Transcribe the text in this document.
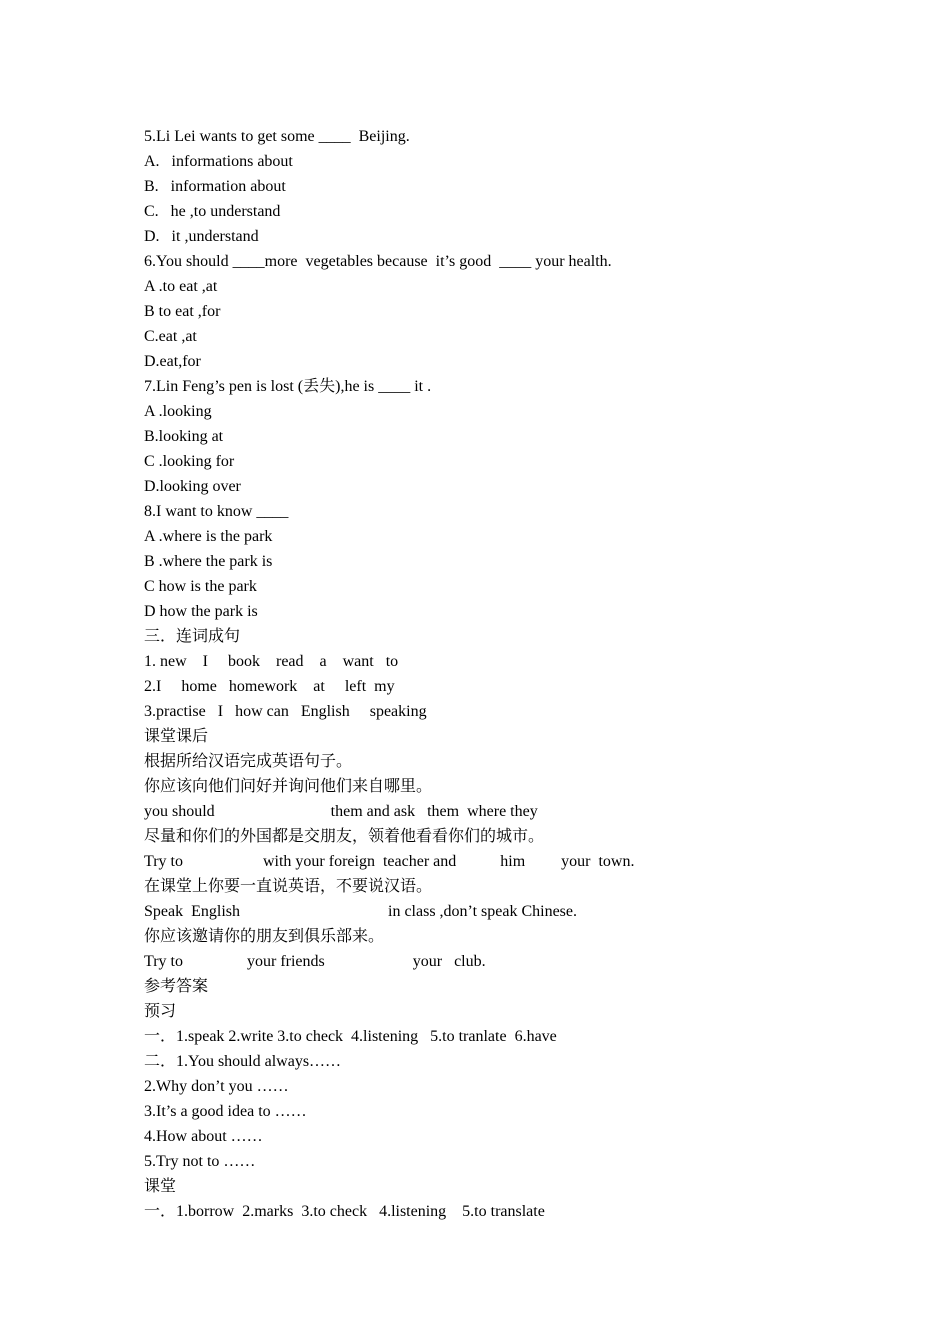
5.Li Lei wants to get some ____  Beijing.
A.   informations about
B.   information about
C.   he ,to understand
D.   it ,understand
6.You should ____more  vegetables because  it’s good  ____ your health.
A .to eat ,at
B to eat ,for
C.eat ,at
D.eat,for
7.Lin Feng’s pen is lost (丢失),he is ____ it .
A .looking
B.looking at
C .looking for
D.looking over
8.I want to know ____
A .where is the park
B .where the park is
C how is the park
D how the park is
三．连词成句
1. new    I     book    read    a    want   to
2.I     home   homework    at     left  my
3.practise   I   how can   English     speaking
课堂课后
根据所给汉语完成英语句子。
你应该向他们问好并询问他们来自哪里。
you should                             them and ask   them  where they
尽量和你们的外国都是交朋友，领着他看看你们的城市。
Try to                    with your foreign  teacher and           him         your  town.
在课堂上你要一直说英语，不要说汉语。
Speak  English                                     in class ,don’t speak Chinese.
你应该邀请你的朋友到俱乐部来。
Try to                your friends                      your   club.
参考答案
预习
一．1.speak 2.write 3.to check  4.listening   5.to tranlate  6.have
二．1.You should always……
2.Why don’t you ……
3.It’s a good idea to ……
4.How about ……
5.Try not to ……
课堂
一．1.borrow  2.marks  3.to check   4.listening    5.to translate
